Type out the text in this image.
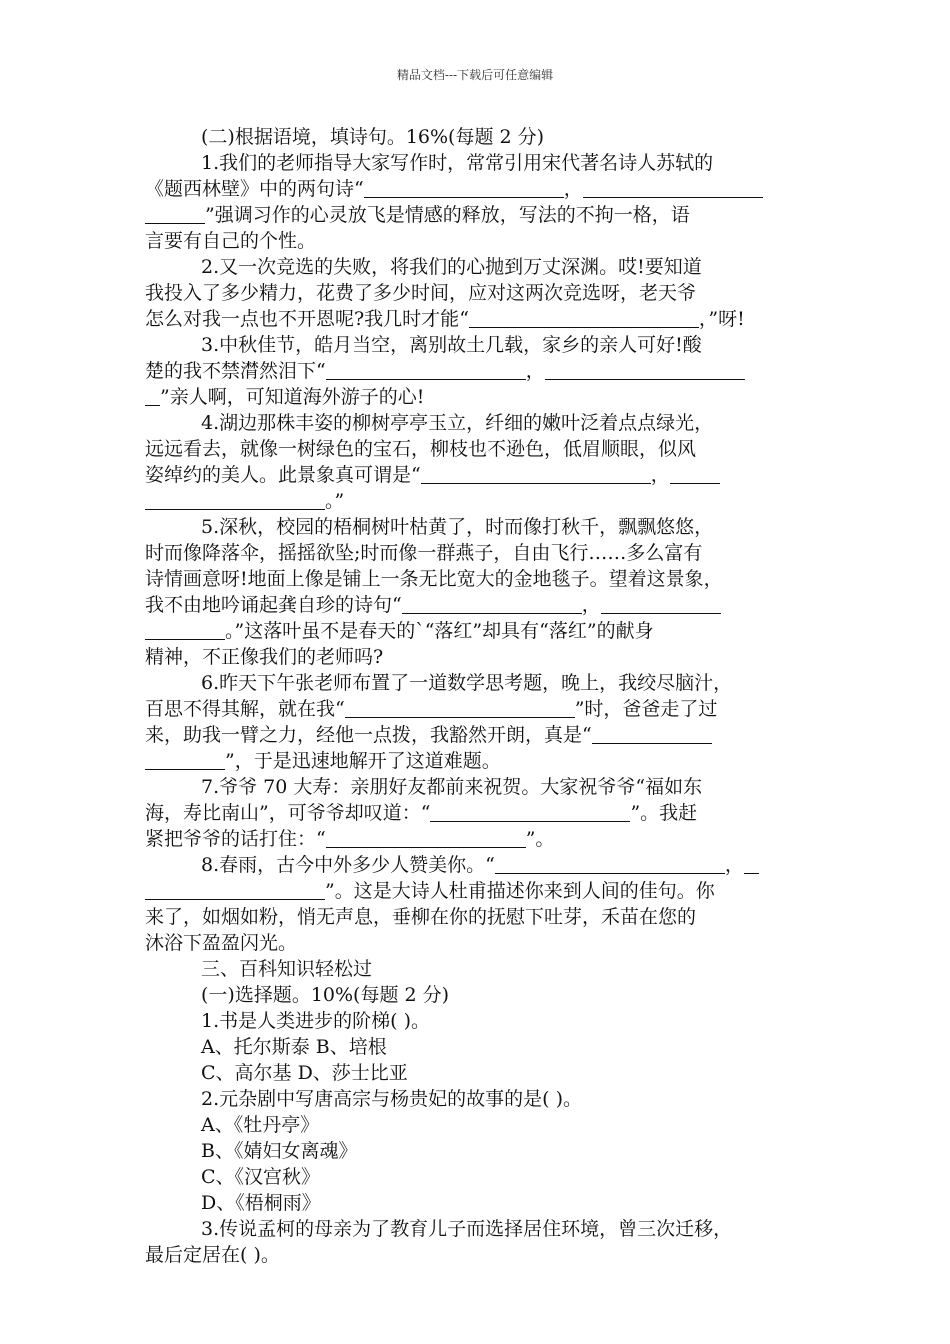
精品文档---下载后可任意编辑

(二)根据语境，填诗句。16%(每题 2 分)

1.我们的老师指导大家写作时，常常引用宋代著名诗人苏轼的

《题西林壁》中的两句诗“	，

”强调习作的心灵放飞是情感的释放，写法的不拘一格，语

言要有自己的个性。

2.又一次竞选的失败，将我们的心抛到万丈深渊。哎!要知道

我投入了多少精力，花费了多少时间，应对这两次竞选呀，老天爷

怎么对我一点也不开恩呢?我几时才能“	，”呀!

3.中秋佳节，皓月当空，离别故土几载，家乡的亲人可好!酸

楚的我不禁潸然泪下“	，

”亲人啊，可知道海外游子的心!

4.湖边那株丰姿的柳树亭亭玉立，纤细的嫩叶泛着点点绿光，

远远看去，就像一树绿色的宝石，柳枝也不逊色，低眉顺眼，似风

姿绰约的美人。此景象真可谓是“	，

。”

5.深秋，校园的梧桐树叶枯黄了，时而像打秋千，飘飘悠悠，

时而像降落伞，摇摇欲坠;时而像一群燕子，自由飞行……多么富有

诗情画意呀!地面上像是铺上一条无比宽大的金地毯子。望着这景象，

我不由地吟诵起龚自珍的诗句“	，

。”这落叶虽不是春天的`“落红”却具有“落红”的献身

精神，不正像我们的老师吗?

6.昨天下午张老师布置了一道数学思考题，晚上，我绞尽脑汁，

百思不得其解，就在我“	”时，爸爸走了过

来，助我一臂之力，经他一点拨，我豁然开朗，真是“

”，于是迅速地解开了这道难题。

7.爷爷 70 大寿：亲朋好友都前来祝贺。大家祝爷爷“福如东

海，寿比南山”，可爷爷却叹道：“	”。我赶

紧把爷爷的话打住：“	”。

8.春雨，古今中外多少人赞美你。“	，

”。这是大诗人杜甫描述你来到人间的佳句。你

来了，如烟如粉，悄无声息，垂柳在你的抚慰下吐芽，禾苗在您的

沐浴下盈盈闪光。

三、百科知识轻松过

(一)选择题。10%(每题 2 分)

1.书是人类进步的阶梯( )。

A、托尔斯泰 B、培根

C、高尔基 D、莎士比亚

2.元杂剧中写唐高宗与杨贵妃的故事的是( )。

A、《牡丹亭》

B、《婧妇女离魂》

C、《汉宫秋》

D、《梧桐雨》

3.传说孟柯的母亲为了教育儿子而选择居住环境，曾三次迁移，

最后定居在( )。
